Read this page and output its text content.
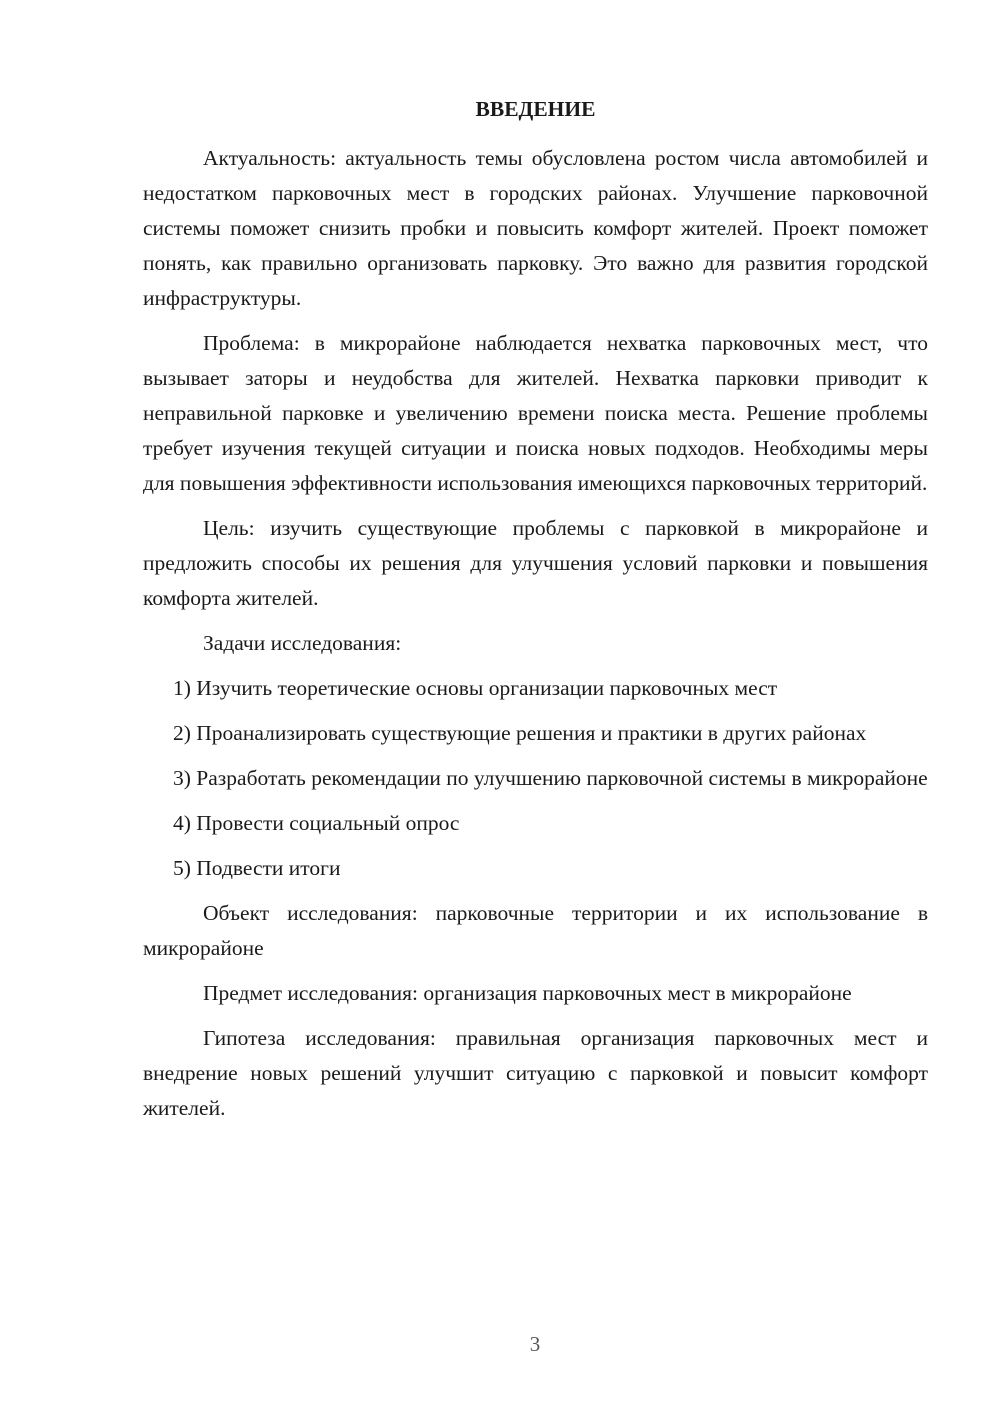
ВВЕДЕНИЕ

Актуальность: актуальность темы обусловлена ростом числа автомобилей и недостатком парковочных мест в городских районах. Улучшение парковочной системы поможет снизить пробки и повысить комфорт жителей. Проект поможет понять, как правильно организовать парковку. Это важно для развития городской инфраструктуры.

Проблема: в микрорайоне наблюдается нехватка парковочных мест, что вызывает заторы и неудобства для жителей. Нехватка парковки приводит к неправильной парковке и увеличению времени поиска места. Решение проблемы требует изучения текущей ситуации и поиска новых подходов. Необходимы меры для повышения эффективности использования имеющихся парковочных территорий.

Цель: изучить существующие проблемы с парковкой в микрорайоне и предложить способы их решения для улучшения условий парковки и повышения комфорта жителей.

Задачи исследования:

1) Изучить теоретические основы организации парковочных мест

2) Проанализировать существующие решения и практики в других районах

3) Разработать рекомендации по улучшению парковочной системы в микрорайоне

4) Провести социальный опрос

5) Подвести итоги

Объект исследования: парковочные территории и их использование в микрорайоне

Предмет исследования: организация парковочных мест в микрорайоне

Гипотеза исследования: правильная организация парковочных мест и внедрение новых решений улучшит ситуацию с парковкой и повысит комфорт жителей.

3
